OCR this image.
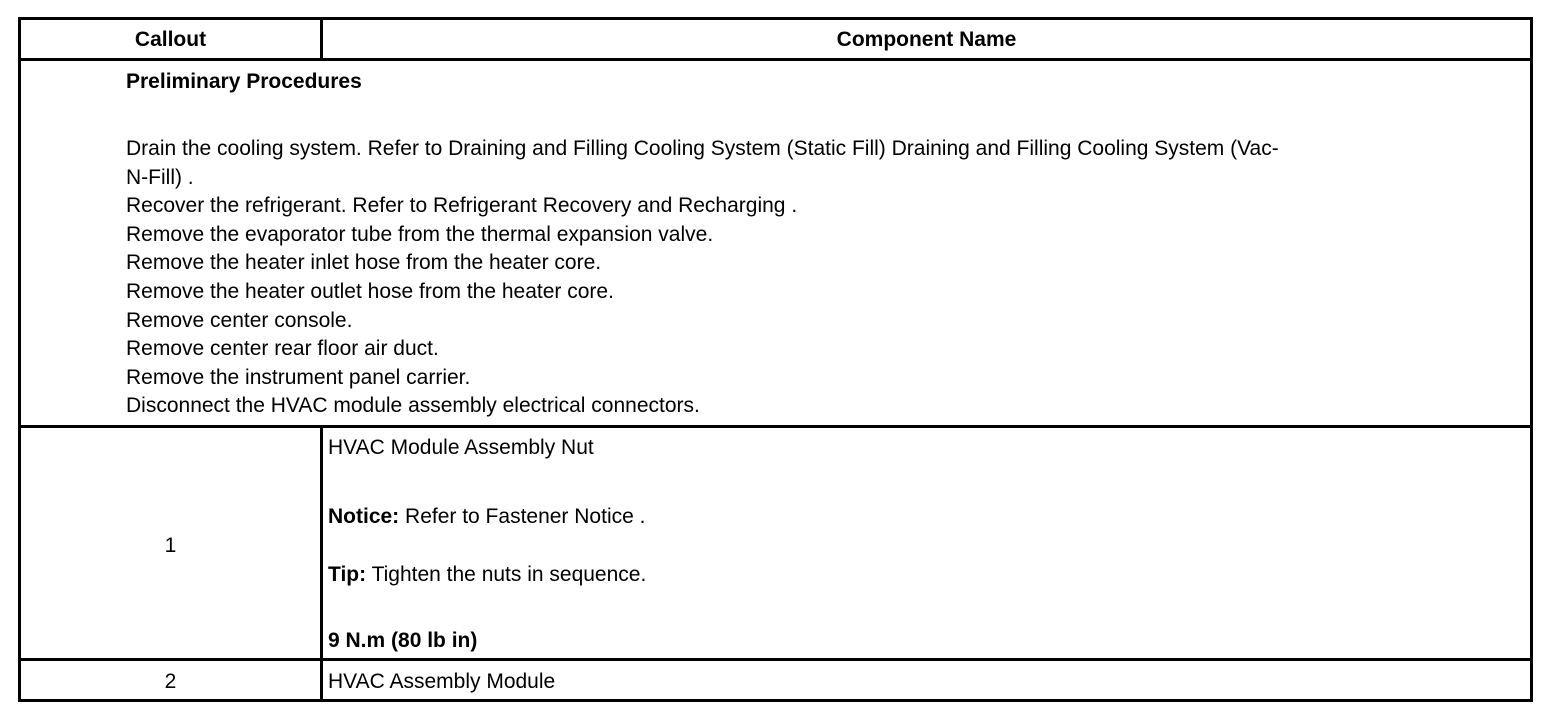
Callout	Component Name
Preliminary Procedures
Drain the cooling system. Refer to Draining and Filling Cooling System (Static Fill) Draining and Filling Cooling System (Vac-
N-Fill) .
Recover the refrigerant. Refer to Refrigerant Recovery and Recharging .
Remove the evaporator tube from the thermal expansion valve.
Remove the heater inlet hose from the heater core.
Remove the heater outlet hose from the heater core.
Remove center console.
Remove center rear floor air duct.
Remove the instrument panel carrier.
Disconnect the HVAC module assembly electrical connectors.
1
HVAC Module Assembly Nut
Notice: Refer to Fastener Notice .
Tip: Tighten the nuts in sequence.
9 N.m (80 lb in)
2	HVAC Assembly Module
